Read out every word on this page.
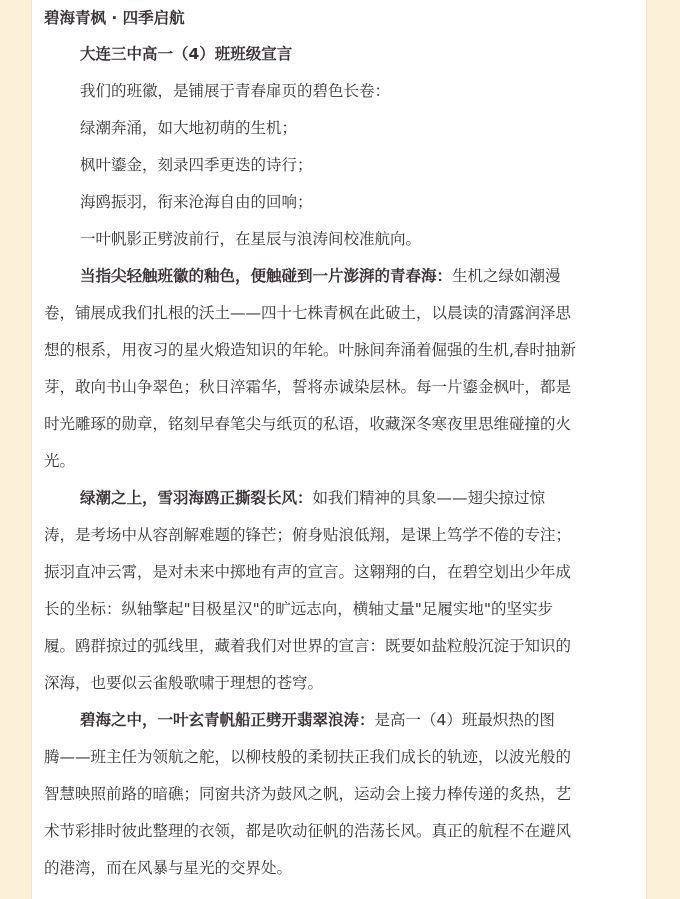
碧海青枫 · 四季启航
大连三中高一（4）班班级宣言
我们的班徽，是铺展于青春扉页的碧色长卷：
绿潮奔涌，如大地初萌的生机；
枫叶鎏金，刻录四季更迭的诗行；
海鸥振羽，衔来沧海自由的回响；
一叶帆影正劈波前行，在星辰与浪涛间校准航向。
当指尖轻触班徽的釉色，便触碰到一片澎湃的青春海：生机之绿如潮漫
卷，铺展成我们扎根的沃土——四十七株青枫在此破土，以晨读的清露润泽思
想的根系，用夜习的星火煅造知识的年轮。叶脉间奔涌着倔强的生机,春时抽新
芽，敢向书山争翠色；秋日淬霜华，誓将赤诚染层林。每一片鎏金枫叶，都是
时光雕琢的勋章，铭刻早春笔尖与纸页的私语，收藏深冬寒夜里思维碰撞的火
光。
绿潮之上，雪羽海鸥正撕裂长风：如我们精神的具象——翅尖掠过惊
涛，是考场中从容剖解难题的锋芒；俯身贴浪低翔，是课上笃学不倦的专注；
振羽直冲云霄，是对未来中掷地有声的宣言。这翱翔的白，在碧空划出少年成
长的坐标：纵轴擎起"目极星汉"的旷远志向，横轴丈量"足履实地"的坚实步
履。鸥群掠过的弧线里，藏着我们对世界的宣言：既要如盐粒般沉淀于知识的
深海，也要似云雀般歌啸于理想的苍穹。
碧海之中，一叶玄青帆船正劈开翡翠浪涛：是高一（4）班最炽热的图
腾——班主任为领航之舵，以柳枝般的柔韧扶正我们成长的轨迹，以波光般的
智慧映照前路的暗礁；同窗共济为鼓风之帆，运动会上接力棒传递的炙热，艺
术节彩排时彼此整理的衣领，都是吹动征帆的浩荡长风。真正的航程不在避风
的港湾，而在风暴与星光的交界处。
